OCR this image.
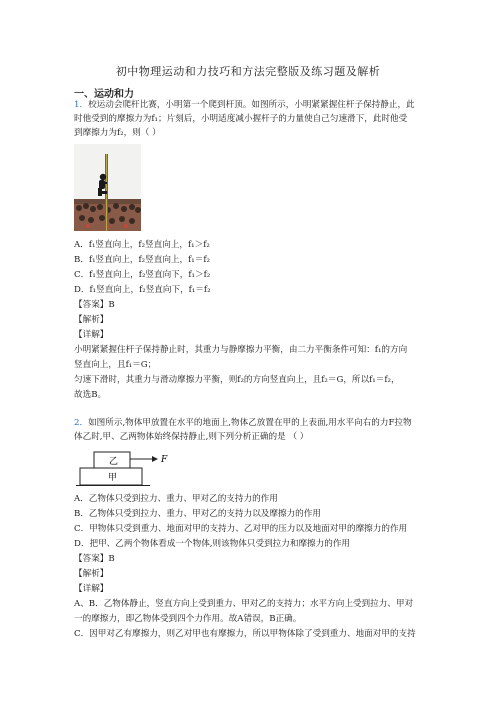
初中物理运动和力技巧和方法完整版及练习题及解析
一、运动和力
1．校运动会爬杆比赛，小明第一个爬到杆顶。如图所示，小明紧紧握住杆子保持静止，此
时他受到的摩擦力为f₁；片刻后，小明适度减小握杆子的力量使自己匀速滑下，此时他受
到摩擦力为f₂，则（ ）
A．f₁竖直向上，f₂竖直向上，f₁＞f₂
B．f₁竖直向上，f₂竖直向上，f₁＝f₂
C．f₁竖直向上，f₂竖直向下，f₁＞f₂
D．f₁竖直向上，f₂竖直向下，f₁＝f₂
【答案】B
【解析】
【详解】
小明紧紧握住杆子保持静止时，其重力与静摩擦力平衡，由二力平衡条件可知：f₁的方向
竖直向上，且f₁＝G；
匀速下滑时，其重力与滑动摩擦力平衡，则f₂的方向竖直向上，且f₂＝G，所以f₁＝f₂，
故选B。
2．如图所示,物体甲放置在水平的地面上,物体乙放置在甲的上表面,用水平向右的力F拉物
体乙时,甲、乙两物体始终保持静止,则下列分析正确的是 （ ）
乙
甲
F
A．乙物体只受到拉力、重力、甲对乙的支持力的作用
B．乙物体只受到拉力、重力、甲对乙的支持力以及摩擦力的作用
C．甲物体只受到重力、地面对甲的支持力、乙对甲的压力以及地面对甲的摩擦力的作用
D．把甲、乙两个物体看成一个物体,则该物体只受到拉力和摩擦力的作用
【答案】B
【解析】
【详解】
A、B．乙物体静止，竖直方向上受到重力、甲对乙的支持力；水平方向上受到拉力、甲对
一的摩擦力，即乙物体受到四个力作用。故A错误，B正确。
C．因甲对乙有摩擦力，则乙对甲也有摩擦力，所以甲物体除了受到重力、地面对甲的支持
